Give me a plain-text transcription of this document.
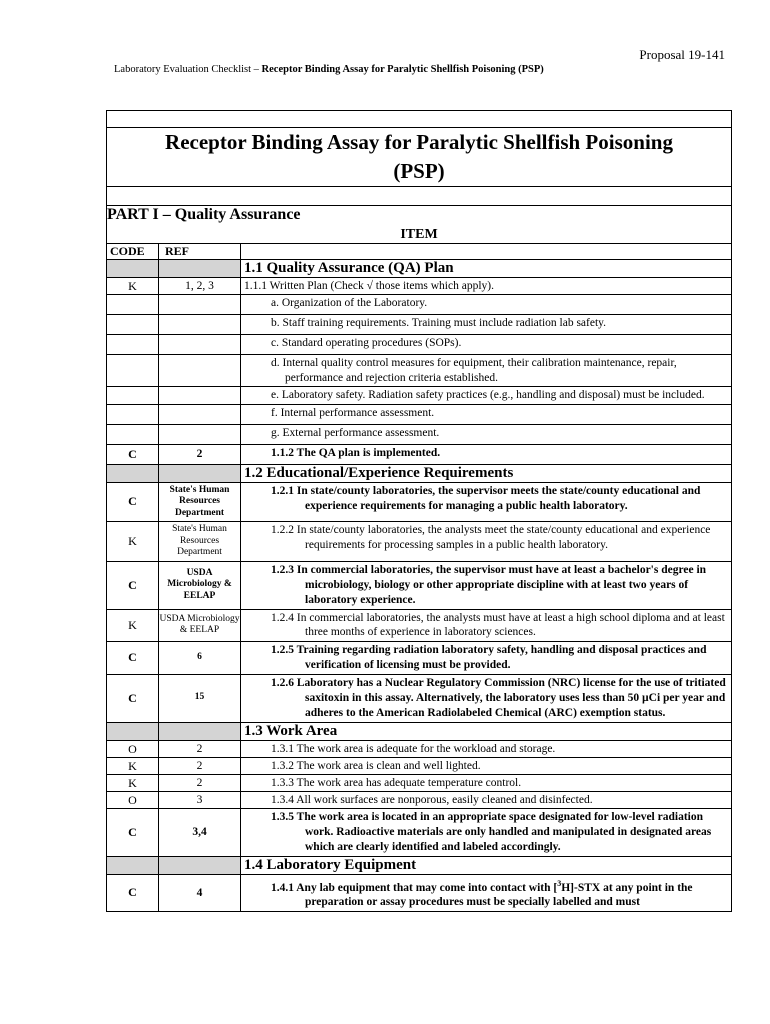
Proposal 19-141
Laboratory Evaluation Checklist – Receptor Binding Assay for Paralytic Shellfish Poisoning (PSP)

Receptor Binding Assay for Paralytic Shellfish Poisoning
(PSP)		

PART I – Quality Assurance		
ITEM		
CODE	REF	
		1.1 Quality Assurance (QA) Plan
K	1, 2, 3	1.1.1 Written Plan (Check √ those items which apply).
		a. Organization of the Laboratory.
		b. Staff training requirements. Training must include radiation lab safety.
		c. Standard operating procedures (SOPs).

		d. Internal quality control measures for equipment, their calibration maintenance, repair, performance and rejection criteria established.

		e. Laboratory safety. Radiation safety practices (e.g., handling and disposal) must be included.

		f. Internal performance assessment.
		g. External performance assessment.
C	2	1.1.2 The QA plan is implemented.
		1.2 Educational/Experience Requirements
C	State's Human Resources Department	1.2.1 In state/county laboratories, the supervisor meets the state/county educational and experience requirements for managing a public health laboratory.

K	State's Human Resources Department	1.2.2 In state/county laboratories, the analysts meet the state/county educational and experience requirements for processing samples in a public health laboratory.

C	USDA Microbiology & EELAP	1.2.3 In commercial laboratories, the supervisor must have at least a bachelor's degree in microbiology, biology or other appropriate discipline with at least two years of laboratory experience.

K	USDA Microbiology & EELAP	1.2.4 In commercial laboratories, the analysts must have at least a high school diploma and at least three months of experience in laboratory sciences.

C	6	1.2.5 Training regarding radiation laboratory safety, handling and disposal practices and verification of licensing must be provided.

C	15	1.2.6 Laboratory has a Nuclear Regulatory Commission (NRC) license for the use of tritiated saxitoxin in this assay. Alternatively, the laboratory uses less than 50 µCi per year and adheres to the American Radiolabeled Chemical (ARC) exemption status.

		1.3 Work Area
O	2	1.3.1 The work area is adequate for the workload and storage.
K	2	1.3.2 The work area is clean and well lighted.
K	2	1.3.3 The work area has adequate temperature control.
O	3	1.3.4 All work surfaces are nonporous, easily cleaned and disinfected.
C	3,4	1.3.5 The work area is located in an appropriate space designated for low-level radiation work. Radioactive materials are only handled and manipulated in designated areas which are clearly identified and labeled accordingly.

		1.4 Laboratory Equipment
C	4	1.4.1 Any lab equipment that may come into contact with [$^3$H]-STX at any point in the preparation or assay procedures must be specially labelled and must
